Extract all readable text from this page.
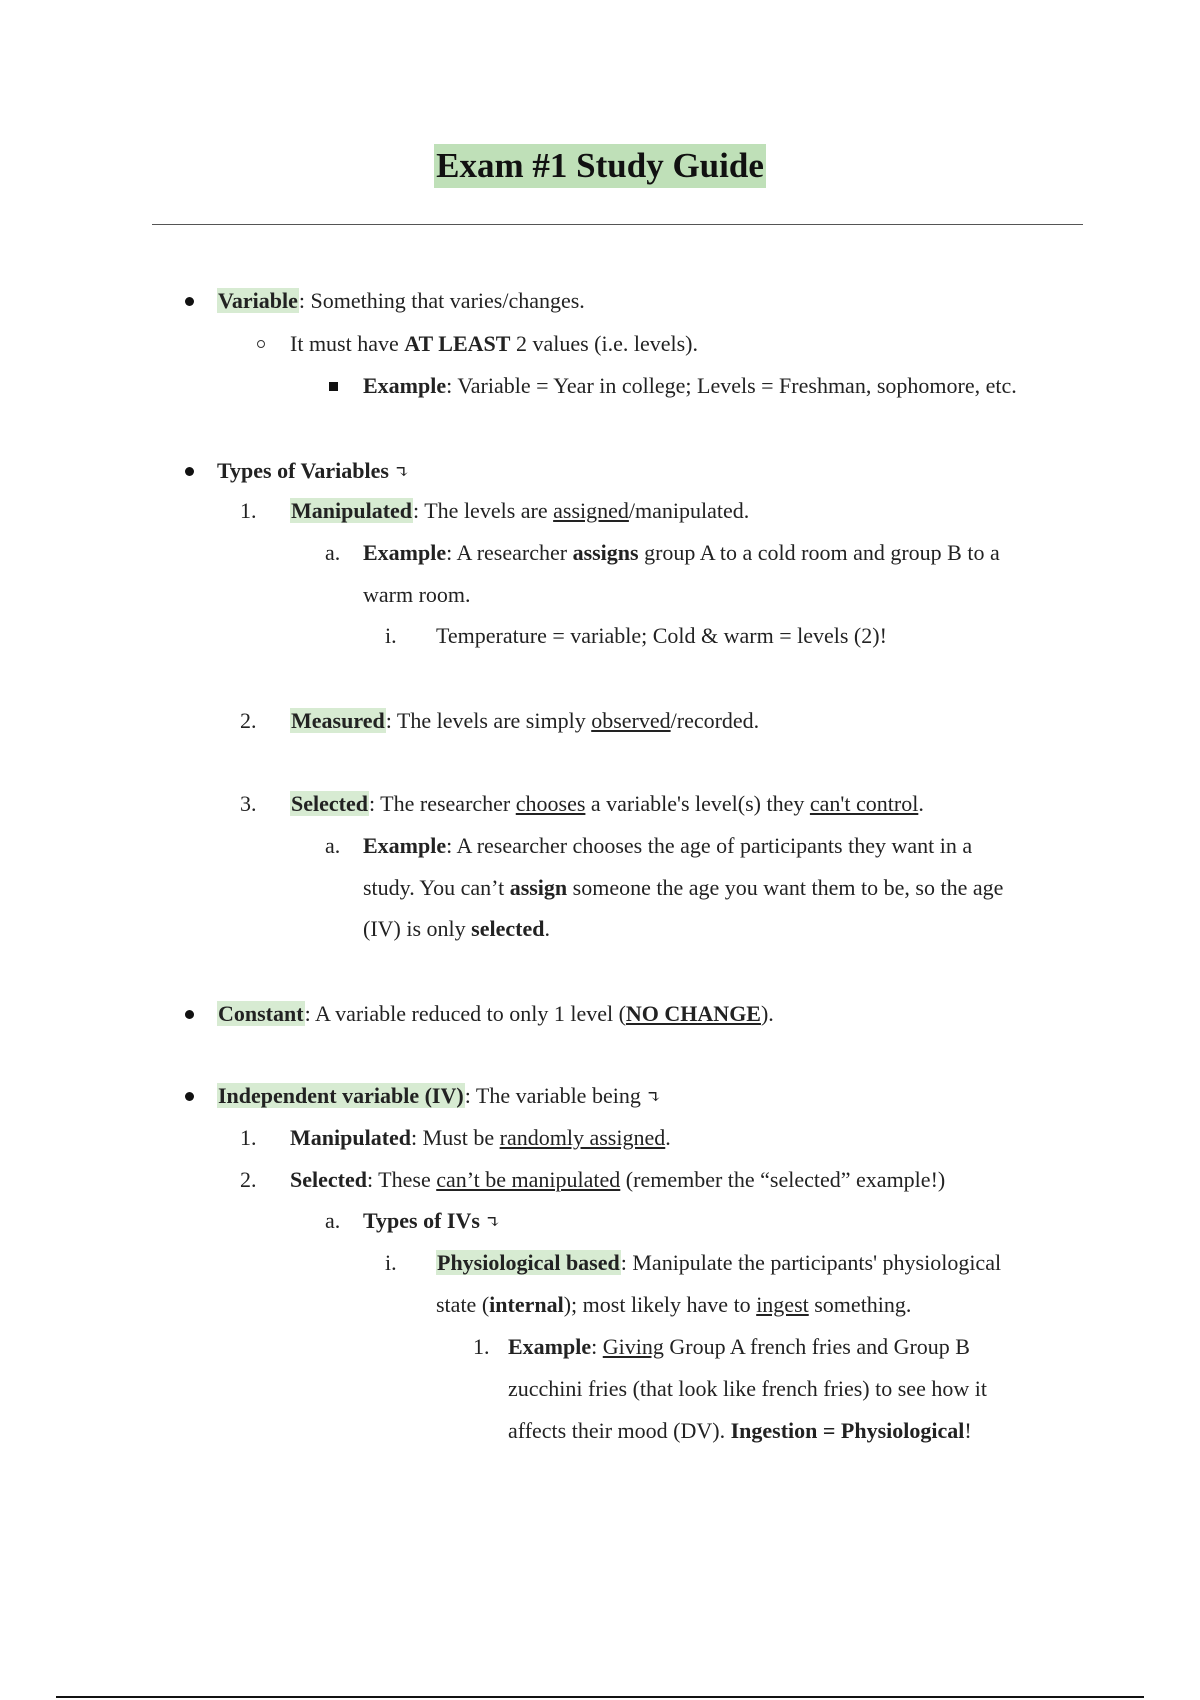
Exam #1 Study Guide
Variable: Something that varies/changes.
It must have AT LEAST 2 values (i.e. levels).
Example: Variable = Year in college; Levels = Freshman, sophomore, etc.
Types of Variables ↴
1.	Manipulated: The levels are assigned/manipulated.
a.	Example: A researcher assigns group A to a cold room and group B to a
warm room.
i.	Temperature = variable; Cold & warm = levels (2)!
2.	Measured: The levels are simply observed/recorded.
3.	Selected: The researcher chooses a variable's level(s) they can't control.
a.	Example: A researcher chooses the age of participants they want in a
study. You can’t assign someone the age you want them to be, so the age
(IV) is only selected.
Constant: A variable reduced to only 1 level (NO CHANGE).
Independent variable (IV): The variable being ↴
1.	Manipulated: Must be randomly assigned.
2.	Selected: These can’t be manipulated (remember the “selected” example!)
a.	Types of IVs ↴
i.	Physiological based: Manipulate the participants' physiological
state (internal); most likely have to ingest something.
1. Example: Giving Group A french fries and Group B
zucchini fries (that look like french fries) to see how it
affects their mood (DV). Ingestion = Physiological!
